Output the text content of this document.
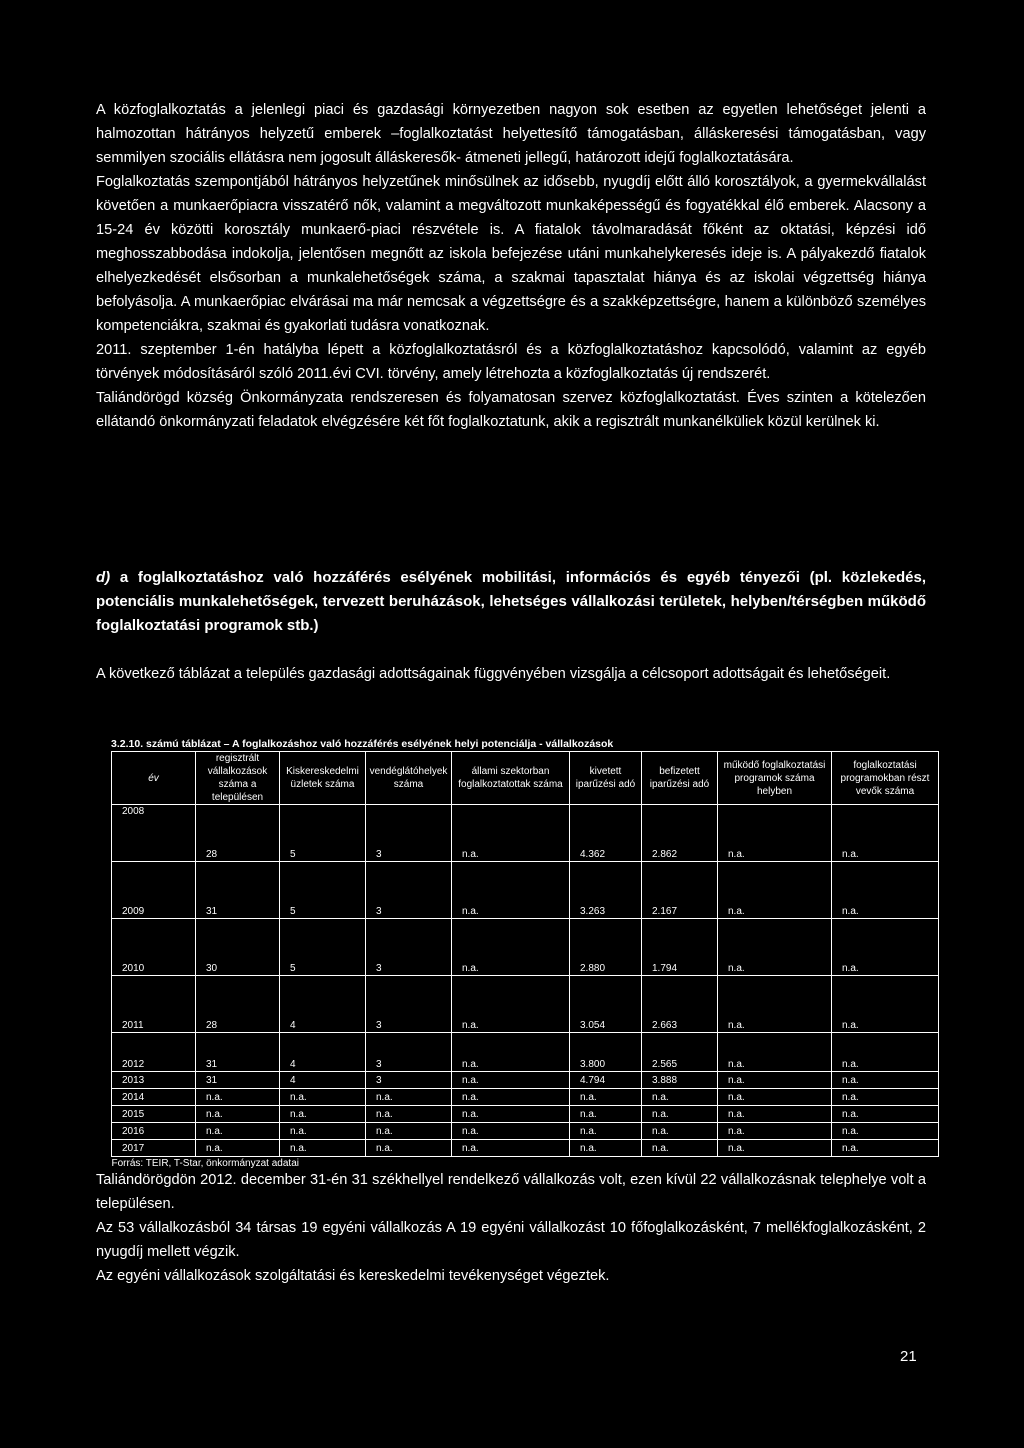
A közfoglalkoztatás a jelenlegi piaci és gazdasági környezetben nagyon sok esetben az egyetlen lehetőséget jelenti a halmozottan hátrányos helyzetű emberek –foglalkoztatást helyettesítő támogatásban, álláskeresési támogatásban, vagy semmilyen szociális ellátásra nem jogosult álláskeresők- átmeneti jellegű, határozott idejű foglalkoztatására.

Foglalkoztatás szempontjából hátrányos helyzetűnek minősülnek az idősebb, nyugdíj előtt álló korosztályok, a gyermekvállalást követően a munkaerőpiacra visszatérő nők, valamint a megváltozott munkaképességű és fogyatékkal élő emberek. Alacsony a 15-24 év közötti korosztály munkaerő-piaci részvétele is. A fiatalok távolmaradását főként az oktatási, képzési idő meghosszabbodása indokolja, jelentősen megnőtt az iskola befejezése utáni munkahelykeresés ideje is. A pályakezdő fiatalok elhelyezkedését elsősorban a munkalehetőségek száma, a szakmai tapasztalat hiánya és az iskolai végzettség hiánya befolyásolja. A munkaerőpiac elvárásai ma már nemcsak a végzettségre és a szakképzettségre, hanem a különböző személyes kompetenciákra, szakmai és gyakorlati tudásra vonatkoznak.

2011. szeptember 1-én hatályba lépett a közfoglalkoztatásról és a közfoglalkoztatáshoz kapcsolódó, valamint az egyéb törvények módosításáról szóló 2011.évi CVI. törvény, amely létrehozta a közfoglalkoztatás új rendszerét.

Taliándörögd község Önkormányzata rendszeresen és folyamatosan szervez közfoglalkoztatást. Éves szinten a kötelezően ellátandó önkormányzati feladatok elvégzésére két főt foglalkoztatunk, akik a regisztrált munkanélküliek közül kerülnek ki.

d) a foglalkoztatáshoz való hozzáférés esélyének mobilitási, információs és egyéb tényezői (pl. közlekedés, potenciális munkalehetőségek, tervezett beruházások, lehetséges vállalkozási területek, helyben/térségben működő foglalkoztatási programok stb.)

A következő táblázat a település gazdasági adottságainak függvényében vizsgálja a célcsoport adottságait és lehetőségeit.

3.2.10. számú táblázat – A foglalkozáshoz való hozzáférés esélyének helyi potenciálja - vállalkozások
év	regisztrált vállalkozások száma a településen	Kiskereskedelmi üzletek száma	vendéglátóhelyek száma	állami szektorban foglalkoztatottak száma	kivetett iparűzési adó	befizetett iparűzési adó	működő foglalkoztatási programok száma helyben	foglalkoztatási programokban részt vevők száma
2008	28	5	3	n.a.	4.362	2.862	n.a.	n.a.
2009	31	5	3	n.a.	3.263	2.167	n.a.	n.a.
2010	30	5	3	n.a.	2.880	1.794	n.a.	n.a.
2011	28	4	3	n.a.	3.054	2.663	n.a.	n.a.
2012	31	4	3	n.a.	3.800	2.565	n.a.	n.a.
2013	31	4	3	n.a.	4.794	3.888	n.a.	n.a.
2014	n.a.	n.a.	n.a.	n.a.	n.a.	n.a.	n.a.	n.a.
2015	n.a.	n.a.	n.a.	n.a.	n.a.	n.a.	n.a.	n.a.
2016	n.a.	n.a.	n.a.	n.a.	n.a.	n.a.	n.a.	n.a.
2017	n.a.	n.a.	n.a.	n.a.	n.a.	n.a.	n.a.	n.a.
Forrás: TEIR, T-Star, önkormányzat adatai								

Taliándörögdön 2012. december 31-én 31 székhellyel rendelkező vállalkozás volt, ezen kívül 22 vállalkozásnak telephelye volt a településen.

Az 53 vállalkozásból 34 társas 19 egyéni vállalkozás A 19 egyéni vállalkozást 10 főfoglalkozásként, 7 mellékfoglalkozásként, 2 nyugdíj mellett végzik.

Az egyéni vállalkozások szolgáltatási és kereskedelmi tevékenységet végeztek.

21
